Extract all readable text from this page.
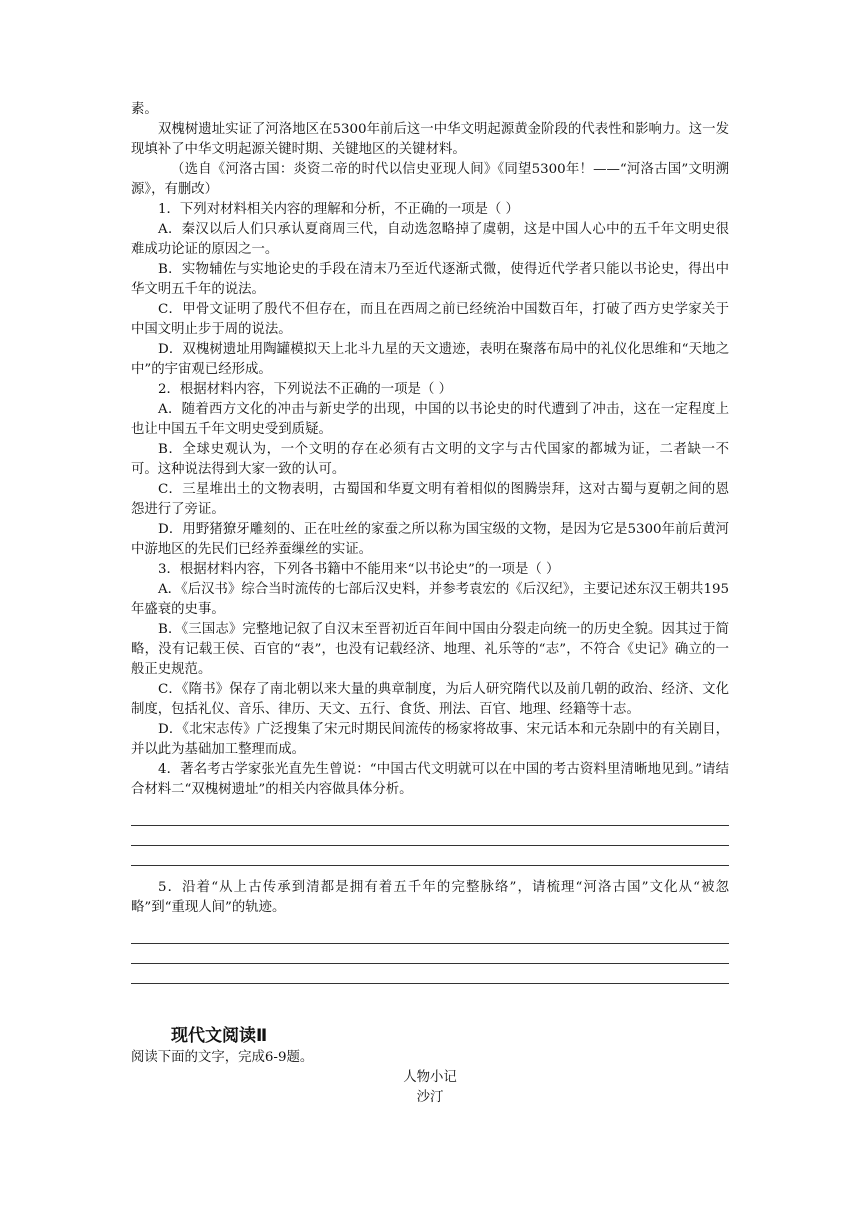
素。

双槐树遗址实证了河洛地区在5300年前后这一中华文明起源黄金阶段的代表性和影响力。这一发现填补了中华文明起源关键时期、关键地区的关键材料。

（选自《河洛古国：炎资二帝的时代以信史亚现人间》《同望5300年！——“河洛古国”文明溯源》，有删改）

1．下列对材料相关内容的理解和分析，不正确的一项是（ ）

A．秦汉以后人们只承认夏商周三代，自动选忽略掉了虞朝，这是中国人心中的五千年文明史很难成功论证的原因之一。

B．实物辅佐与实地论史的手段在清末乃至近代逐渐式微，使得近代学者只能以书论史，得出中华文明五千年的说法。

C．甲骨文证明了殷代不但存在，而且在西周之前已经统治中国数百年，打破了西方史学家关于中国文明止步于周的说法。

D．双槐树遗址用陶罐模拟天上北斗九星的天文遗迹，表明在聚落布局中的礼仪化思维和“天地之中”的宇宙观已经形成。

2．根据材料内容，下列说法不正确的一项是（ ）

A．随着西方文化的冲击与新史学的出现，中国的以书论史的时代遭到了冲击，这在一定程度上也让中国五千年文明史受到质疑。

B．全球史观认为，一个文明的存在必须有古文明的文字与古代国家的都城为证，二者缺一不可。这种说法得到大家一致的认可。

C．三星堆出土的文物表明，古蜀国和华夏文明有着相似的图腾崇拜，这对古蜀与夏朝之间的恩怨进行了旁证。

D．用野猪獠牙雕刻的、正在吐丝的家蚕之所以称为国宝级的文物，是因为它是5300年前后黄河中游地区的先民们已经养蚕缫丝的实证。

3．根据材料内容，下列各书籍中不能用来“以书论史”的一项是（ ）

A．《后汉书》综合当时流传的七部后汉史料，并参考袁宏的《后汉纪》，主要记述东汉王朝共195年盛衰的史事。

B．《三国志》完整地记叙了自汉末至晋初近百年间中国由分裂走向统一的历史全貌。因其过于简略，没有记载王侯、百官的“表”，也没有记载经济、地理、礼乐等的“志”，不符合《史记》确立的一般正史规范。

C．《隋书》保存了南北朝以来大量的典章制度，为后人研究隋代以及前几朝的政治、经济、文化制度，包括礼仪、音乐、律历、天文、五行、食货、刑法、百官、地理、经籍等十志。

D．《北宋志传》广泛搜集了宋元时期民间流传的杨家将故事、宋元话本和元杂剧中的有关剧目，并以此为基础加工整理而成。

4．著名考古学家张光直先生曾说：“中国古代文明就可以在中国的考古资料里清晰地见到。”请结合材料二“双槐树遗址”的相关内容做具体分析。

5．沿着“从上古传承到清都是拥有着五千年的完整脉络”，请梳理“河洛古国”文化从“被忽略”到“重现人间”的轨迹。

现代文阅读Ⅱ

阅读下面的文字，完成6-9题。

人物小记

沙汀
